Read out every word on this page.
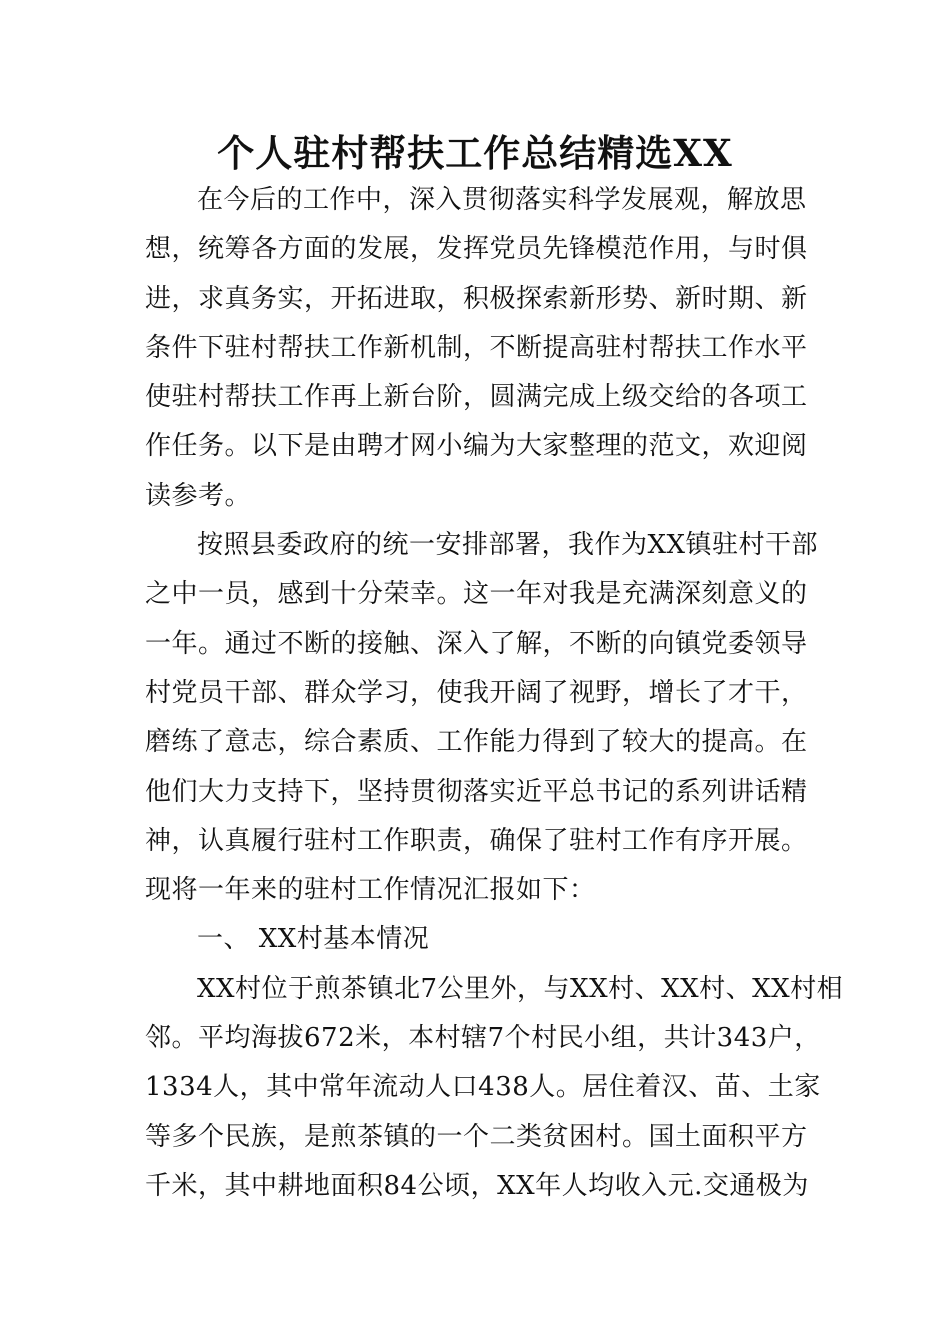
个人驻村帮扶工作总结精选XX
在今后的工作中，深入贯彻落实科学发展观，解放思
想，统筹各方面的发展，发挥党员先锋模范作用，与时俱
进，求真务实，开拓进取，积极探索新形势、新时期、新
条件下驻村帮扶工作新机制，不断提高驻村帮扶工作水平
使驻村帮扶工作再上新台阶，圆满完成上级交给的各项工
作任务。以下是由聘才网小编为大家整理的范文，欢迎阅
读参考。
按照县委政府的统一安排部署，我作为XX镇驻村干部
之中一员，感到十分荣幸。这一年对我是充满深刻意义的
一年。通过不断的接触、深入了解，不断的向镇党委领导
村党员干部、群众学习，使我开阔了视野，增长了才干，
磨练了意志，综合素质、工作能力得到了较大的提高。在
他们大力支持下，坚持贯彻落实近平总书记的系列讲话精
神，认真履行驻村工作职责，确保了驻村工作有序开展。
现将一年来的驻村工作情况汇报如下：
一、 XX村基本情况
XX村位于煎茶镇北7公里外，与XX村、XX村、XX村相
邻。平均海拔672米，本村辖7个村民小组，共计343户，
1334人，其中常年流动人口438人。居住着汉、苗、土家
等多个民族，是煎茶镇的一个二类贫困村。国土面积平方
千米，其中耕地面积84公顷，XX年人均收入元.交通极为
